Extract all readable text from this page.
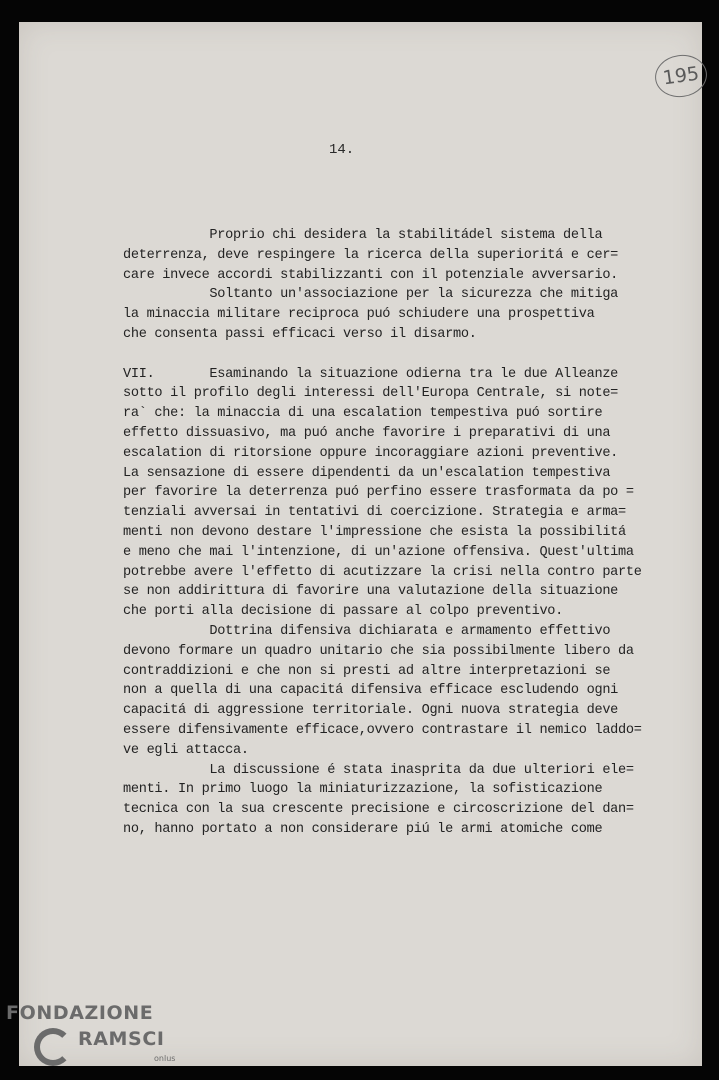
195
14.
Proprio chi desidera la stabilitádel sistema della
deterrenza, deve respingere la ricerca della superioritá e cer=
care invece accordi stabilizzanti con il potenziale avversario.
Soltanto un'associazione per la sicurezza che mitiga
la minaccia militare reciproca puó schiudere una prospettiva
che consenta passi efficaci verso il disarmo.
VII.       Esaminando la situazione odierna tra le due Alleanze
sotto il profilo degli interessi dell'Europa Centrale, si note=
ra` che: la minaccia di una escalation tempestiva puó sortire
effetto dissuasivo, ma puó anche favorire i preparativi di una
escalation di ritorsione oppure incoraggiare azioni preventive.
La sensazione di essere dipendenti da un'escalation tempestiva
per favorire la deterrenza puó perfino essere trasformata da po =
tenziali avversai in tentativi di coercizione. Strategia e arma=
menti non devono destare l'impressione che esista la possibilitá
e meno che mai l'intenzione, di un'azione offensiva. Quest'ultima
potrebbe avere l'effetto di acutizzare la crisi nella contro parte
se non addirittura di favorire una valutazione della situazione
che porti alla decisione di passare al colpo preventivo.
Dottrina difensiva dichiarata e armamento effettivo
devono formare un quadro unitario che sia possibilmente libero da
contraddizioni e che non si presti ad altre interpretazioni se
non a quella di una capacitá difensiva efficace escludendo ogni
capacitá di aggressione territoriale. Ogni nuova strategia deve
essere difensivamente efficace,ovvero contrastare il nemico laddo=
ve egli attacca.
La discussione é stata inasprita da due ulteriori ele=
menti. In primo luogo la miniaturizzazione, la sofisticazione
tecnica con la sua crescente precisione e circoscrizione del dan=
no, hanno portato a non considerare piú le armi atomiche come
FONDAZIONE
RAMSCI
onlus
